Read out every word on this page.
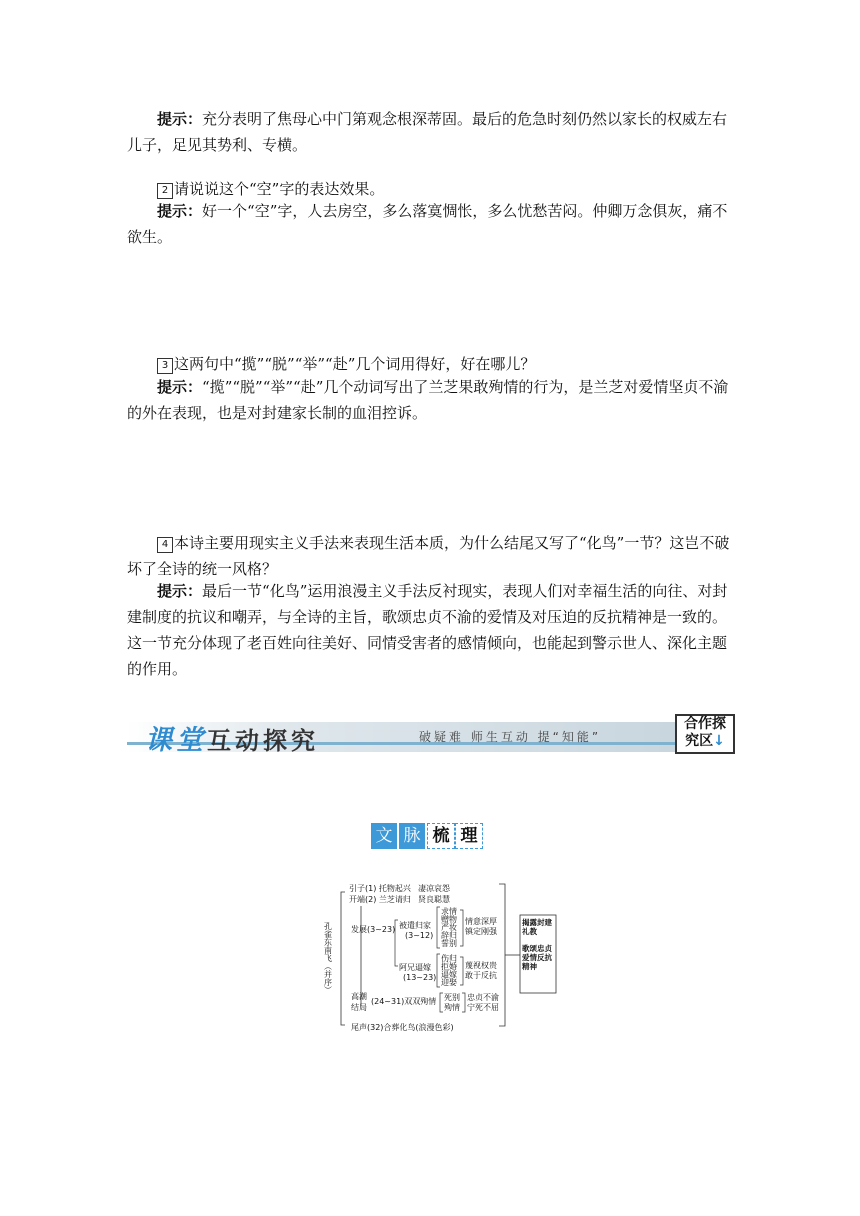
　　提示：充分表明了焦母心中门第观念根深蒂固。最后的危急时刻仍然以家长的权威左右儿子，足见其势利、专横。

　　2 请说说这个“空”字的表达效果。

　　提示：好一个“空”字，人去房空，多么落寞惆怅，多么忧愁苦闷。仲卿万念俱灰，痛不欲生。

　　3 这两句中“揽”“脱”“举”“赴”几个词用得好，好在哪儿？

　　提示：“揽”“脱”“举”“赴”几个动词写出了兰芝果敢殉情的行为，是兰芝对爱情坚贞不渝的外在表现，也是对封建家长制的血泪控诉。

　　4 本诗主要用现实主义手法来表现生活本质，为什么结尾又写了“化鸟”一节？这岂不破坏了全诗的统一风格？

　　提示：最后一节“化鸟”运用浪漫主义手法反衬现实，表现人们对幸福生活的向往、对封建制度的抗议和嘲弄，与全诗的主旨，歌颂忠贞不渝的爱情及对压迫的反抗精神是一致的。这一节充分体现了老百姓向往美好、同情受害者的感情倾向，也能起到警示世人、深化主题的作用。

课堂互动探究	破疑难 师生互动 提“知能”
合作探
究区↓
文 脉 梳 理
孔雀东南飞（并序）
引子(1) 托物起兴
开端(2) 兰芝请归
凄凉哀怨
贤良聪慧
发展(3~23) 被遣归家
(3~12)
求情
赠物
严妆
辞归
誓别
情意深厚
镇定刚强
阿兄逼嫁
(13~23)
伤归
拒婚
逼嫁
迎娶
蔑视权贵
敢于反抗
高潮
结局
(24~31)双双殉情 死别
殉情
忠贞不渝
宁死不屈
尾声(32)合葬化鸟(浪漫色彩)
揭露封建礼教
歌颂忠贞爱情反抗精神
